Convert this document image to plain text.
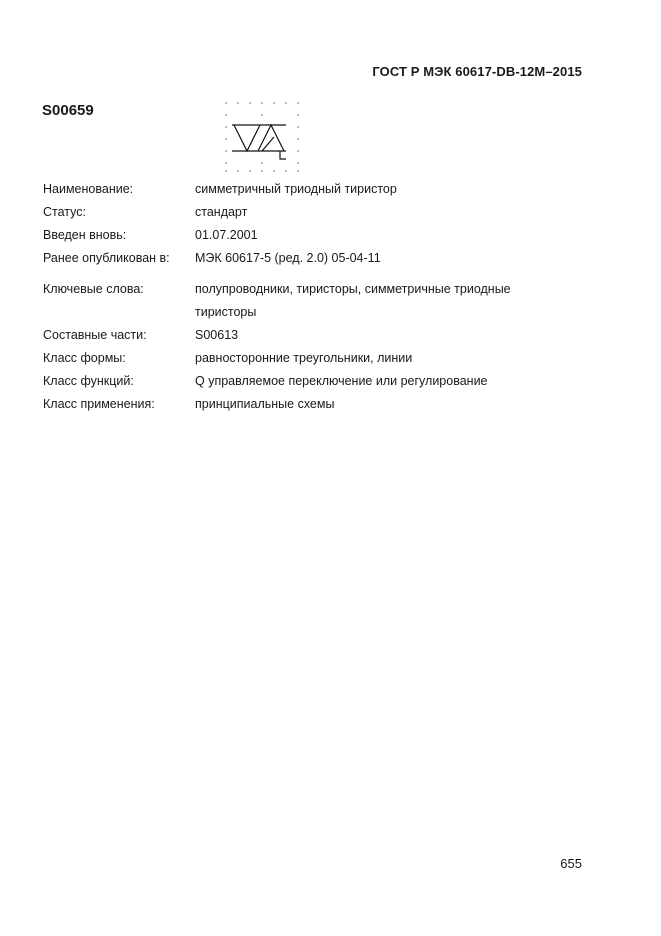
ГОСТ Р МЭК 60617-DB-12M–2015
S00659
Наименование:	симметричный триодный тиристор
Статус:	стандарт
Введен вновь:	01.07.2001
Ранее опубликован в:	МЭК 60617-5 (ред. 2.0) 05-04-11
Ключевые слова:	полупроводники, тиристоры, симметричные триодные
тиристоры
Составные части:	S00613
Класс формы:	равносторонние треугольники, линии
Класс функций:	Q управляемое переключение или регулирование
Класс применения:	принципиальные схемы
655
